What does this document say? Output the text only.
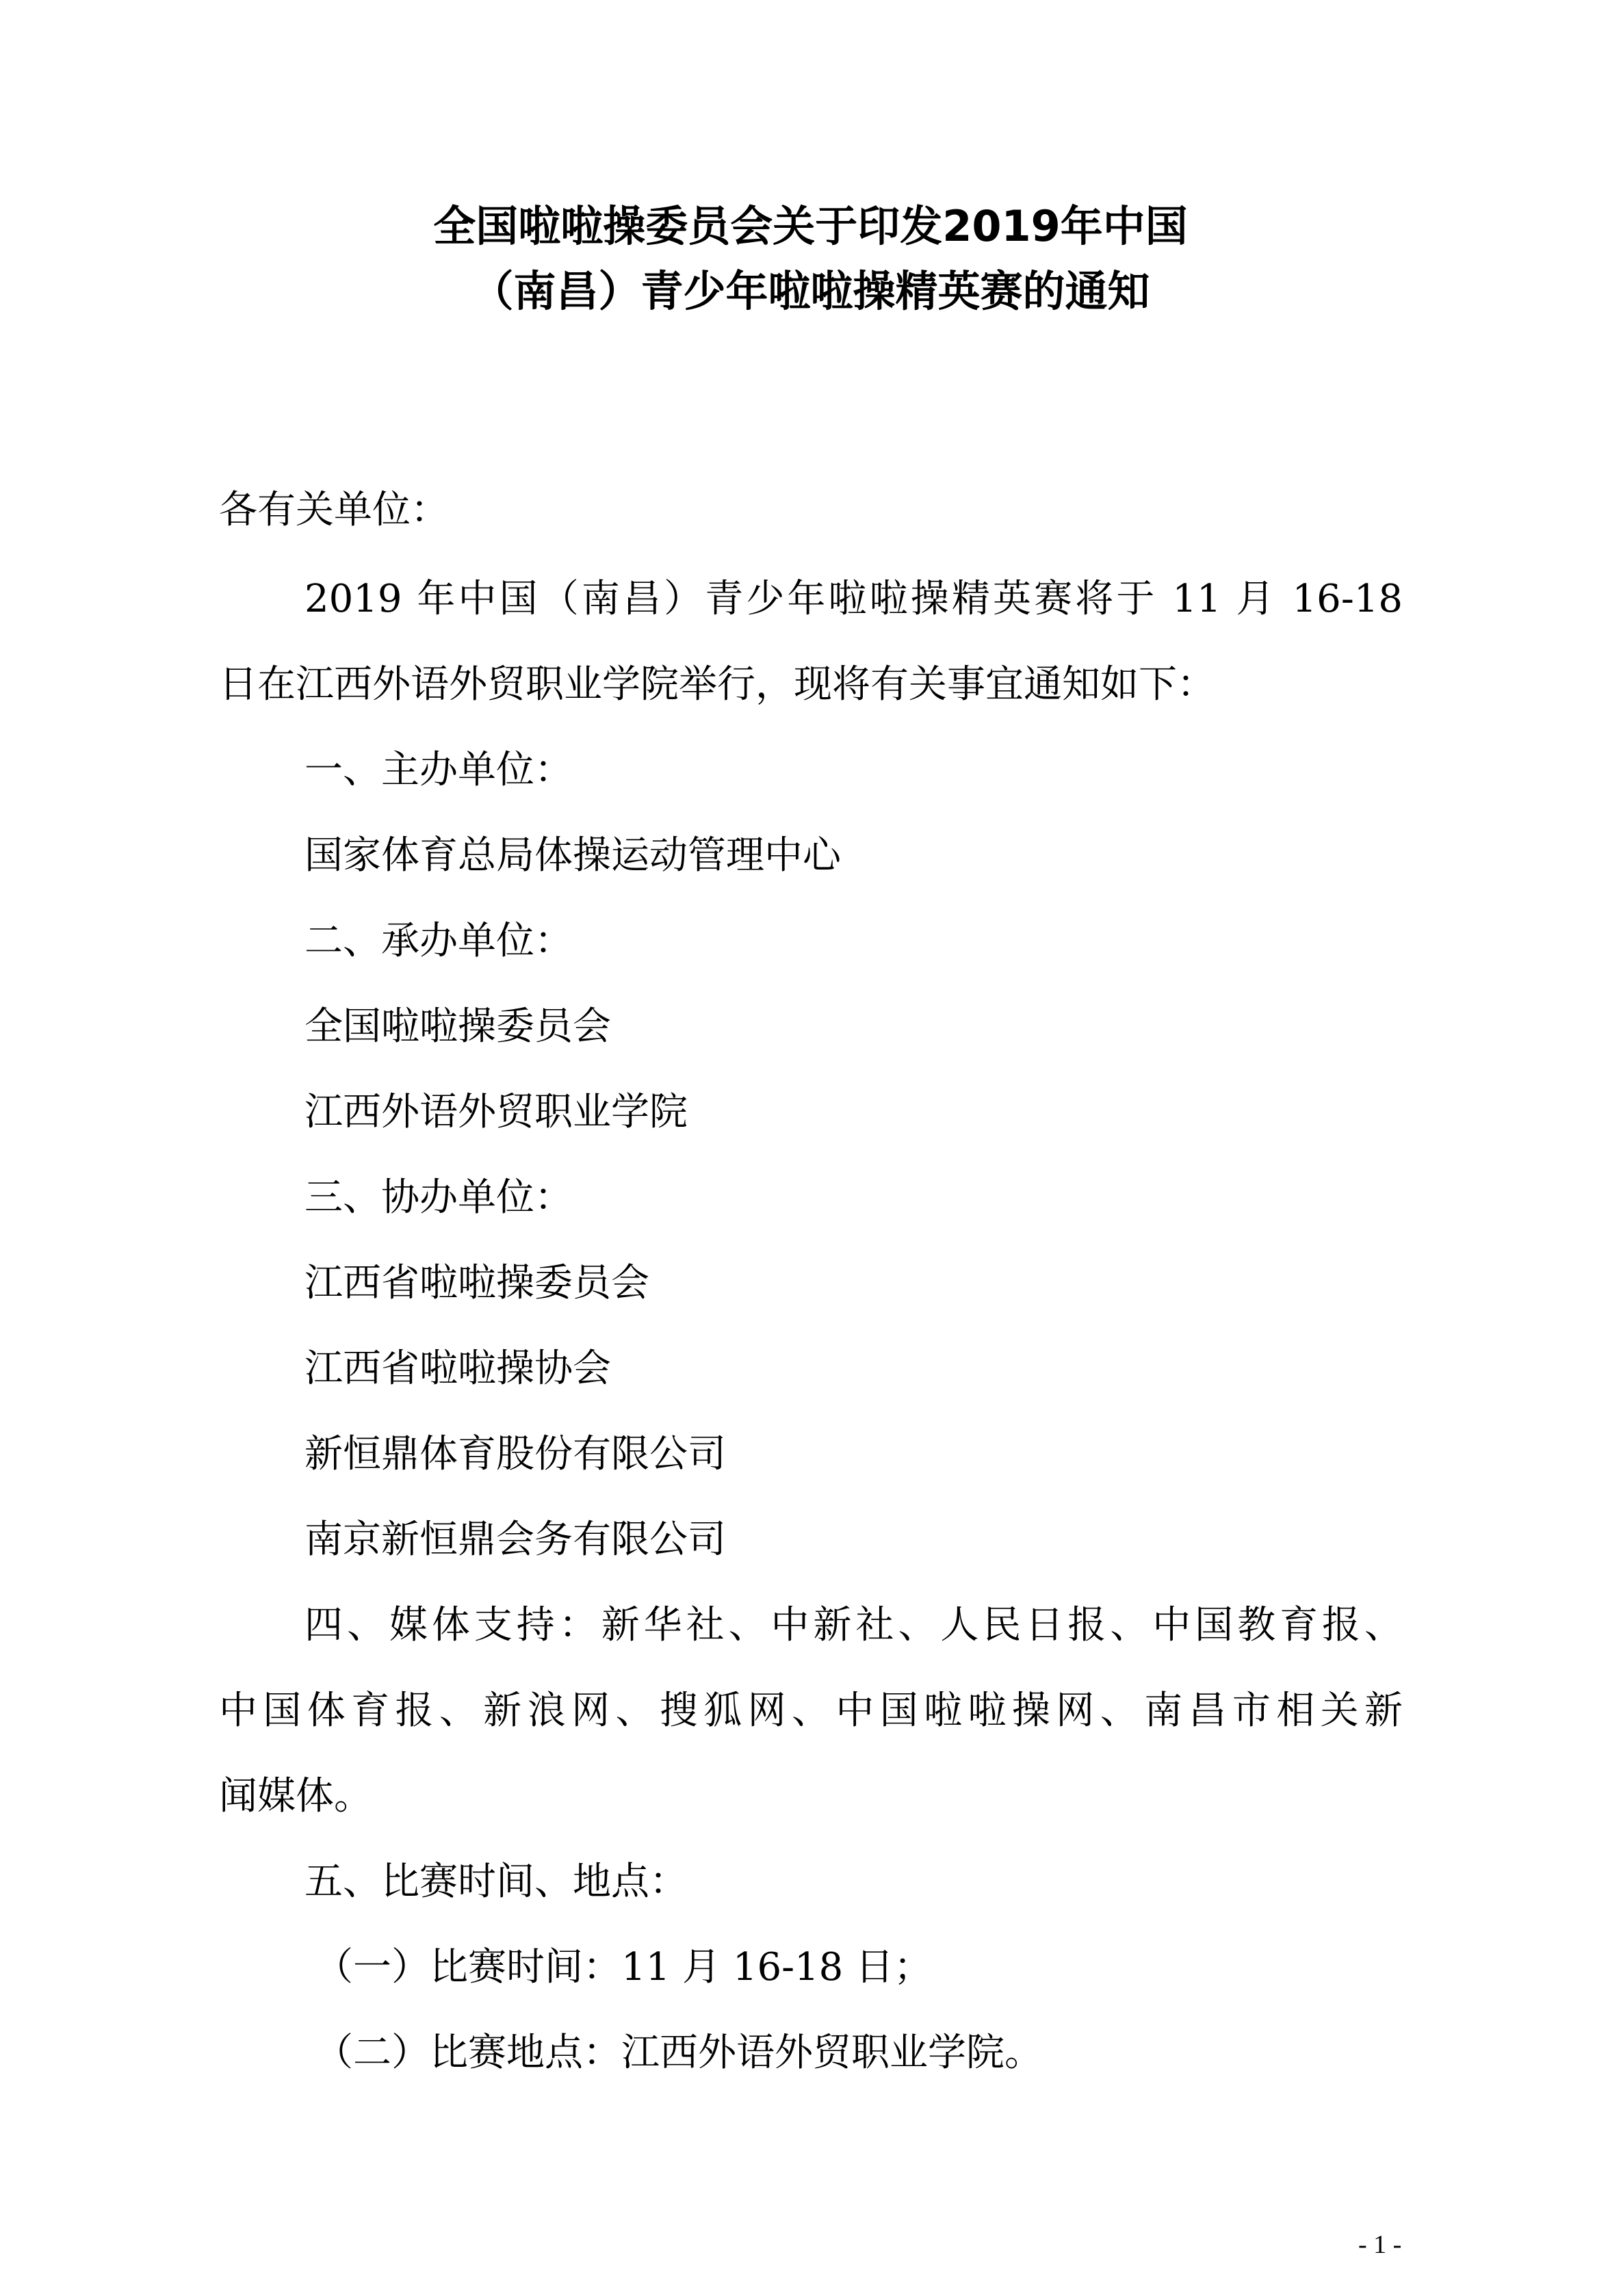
全国啦啦操委员会关于印发2019年中国
（南昌）青少年啦啦操精英赛的通知
各有关单位：
2019 年中国（南昌）青少年啦啦操精英赛将于 11 月 16-18
日在江西外语外贸职业学院举行，现将有关事宜通知如下：
一、主办单位：
国家体育总局体操运动管理中心
二、承办单位：
全国啦啦操委员会
江西外语外贸职业学院
三、协办单位：
江西省啦啦操委员会
江西省啦啦操协会
新恒鼎体育股份有限公司
南京新恒鼎会务有限公司
四、媒体支持：新华社、中新社、人民日报、中国教育报、
中国体育报、新浪网、搜狐网、中国啦啦操网、南昌市相关新
闻媒体。
五、比赛时间、地点：
（一）比赛时间：11 月 16-18 日；
（二）比赛地点：江西外语外贸职业学院。
- 1 -
